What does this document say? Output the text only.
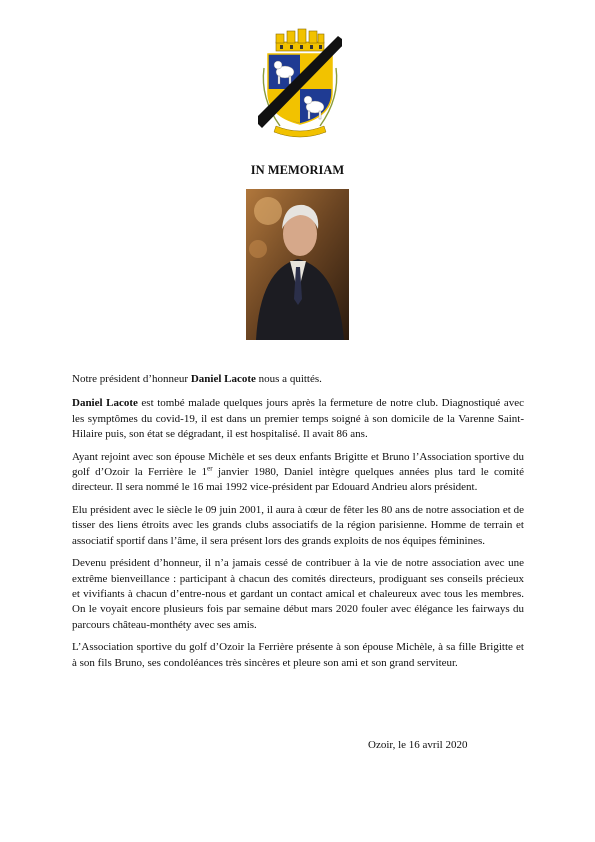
IN MEMORIAM

Notre président d’honneur Daniel Lacote nous a quittés.

Daniel Lacote est tombé malade quelques jours après la fermeture de notre club. Diagnostiqué avec les symptômes du covid-19, il est dans un premier temps soigné à son domicile de la Varenne Saint-Hilaire puis, son état se dégradant, il est hospitalisé. Il avait 86 ans.

Ayant rejoint avec son épouse Michèle et ses deux enfants Brigitte et Bruno l’Association sportive du golf d’Ozoir la Ferrière le 1er janvier 1980, Daniel intègre quelques années plus tard le comité directeur. Il sera nommé le 16 mai 1992 vice-président par Edouard Andrieu alors président.

Elu président avec le siècle le 09 juin 2001, il aura à cœur de fêter les 80 ans de notre association et de tisser des liens étroits avec les grands clubs associatifs de la région parisienne. Homme de terrain et associatif sportif dans l’âme, il sera présent lors des grands exploits de nos équipes féminines.

Devenu président d’honneur, il n’a jamais cessé de contribuer à la vie de notre association avec une extrême bienveillance : participant à chacun des comités directeurs, prodiguant ses conseils précieux et vivifiants à chacun d’entre-nous et gardant un contact amical et chaleureux avec tous les membres. On le voyait encore plusieurs fois par semaine début mars 2020 fouler avec élégance les fairways du parcours château-monthéty avec ses amis.

L’Association sportive du golf d’Ozoir la Ferrière présente à son épouse Michèle, à sa fille Brigitte et à son fils Bruno, ses condoléances très sincères et pleure son ami et son grand serviteur.

Ozoir, le 16 avril 2020
